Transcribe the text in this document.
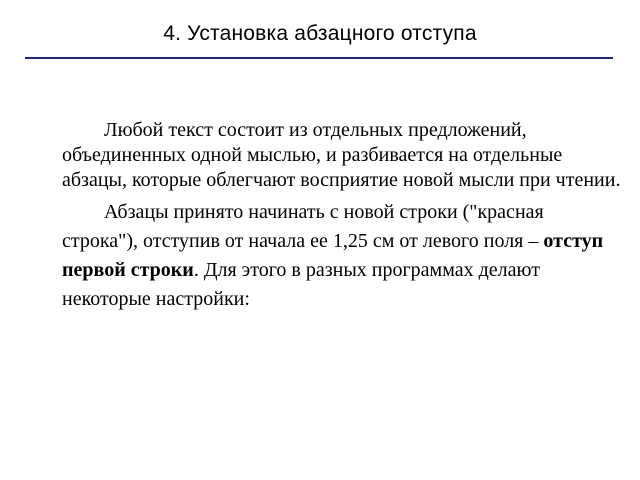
4. Установка абзацного отступа

Любой текст состоит из отдельных предложений, объединенных одной мыслью, и разбивается на отдельные абзацы, которые облегчают восприятие новой мысли при чтении.

Абзацы принято начинать с новой строки ("красная строка"), отступив от начала ее 1,25 см от левого поля – отступ первой строки. Для этого в разных программах делают некоторые настройки:
